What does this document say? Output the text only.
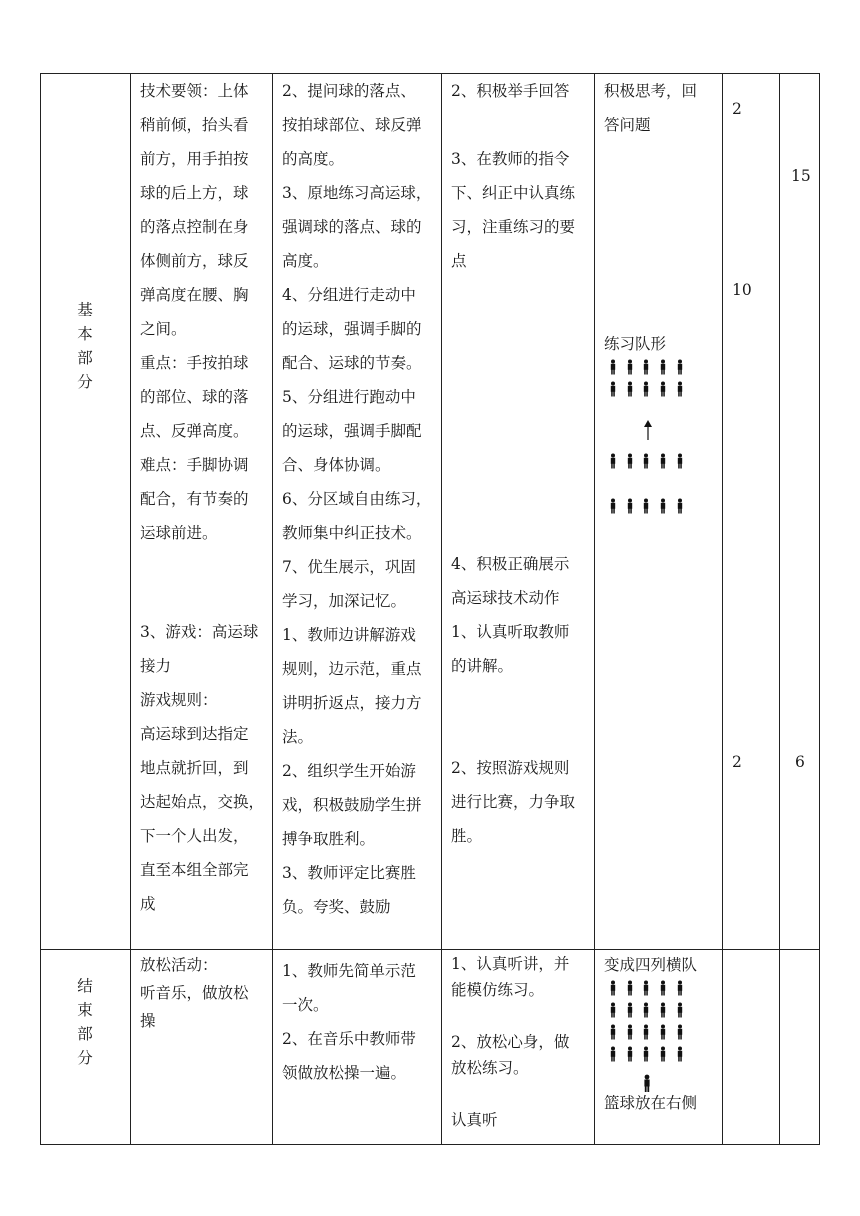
基
本
部
分
结
束
部
分
技术要领：上体
稍前倾，抬头看
前方，用手拍按
球的后上方，球
的落点控制在身
体侧前方，球反
弹高度在腰、胸
之间。
重点：手按拍球
的部位、球的落
点、反弹高度。
难点：手脚协调
配合，有节奏的
运球前进。
3、游戏：高运球
接力
游戏规则：
高运球到达指定
地点就折回，到
达起始点，交换，
下一个人出发，
直至本组全部完
成
2、提问球的落点、
按拍球部位、球反弹
的高度。
3、原地练习高运球，
强调球的落点、球的
高度。
4、分组进行走动中
的运球，强调手脚的
配合、运球的节奏。
5、分组进行跑动中
的运球，强调手脚配
合、身体协调。
6、分区域自由练习，
教师集中纠正技术。
7、优生展示，巩固
学习，加深记忆。
1、教师边讲解游戏
规则，边示范，重点
讲明折返点，接力方
法。
2、组织学生开始游
戏，积极鼓励学生拼
搏争取胜利。
3、教师评定比赛胜
负。夸奖、鼓励
2、积极举手回答

3、在教师的指令
下、纠正中认真练
习，注重练习的要
点
4、积极正确展示
高运球技术动作
1、认真听取教师
的讲解。
2、按照游戏规则
进行比赛，力争取
胜。
积极思考，回
答问题
练习队形
2
10
2
15
6
放松活动：
听音乐，做放松
操
1、教师先简单示范
一次。
2、在音乐中教师带
领做放松操一遍。
1、认真听讲，并
能模仿练习。

2、放松心身，做
放松练习。

认真听
变成四列横队
篮球放在右侧
